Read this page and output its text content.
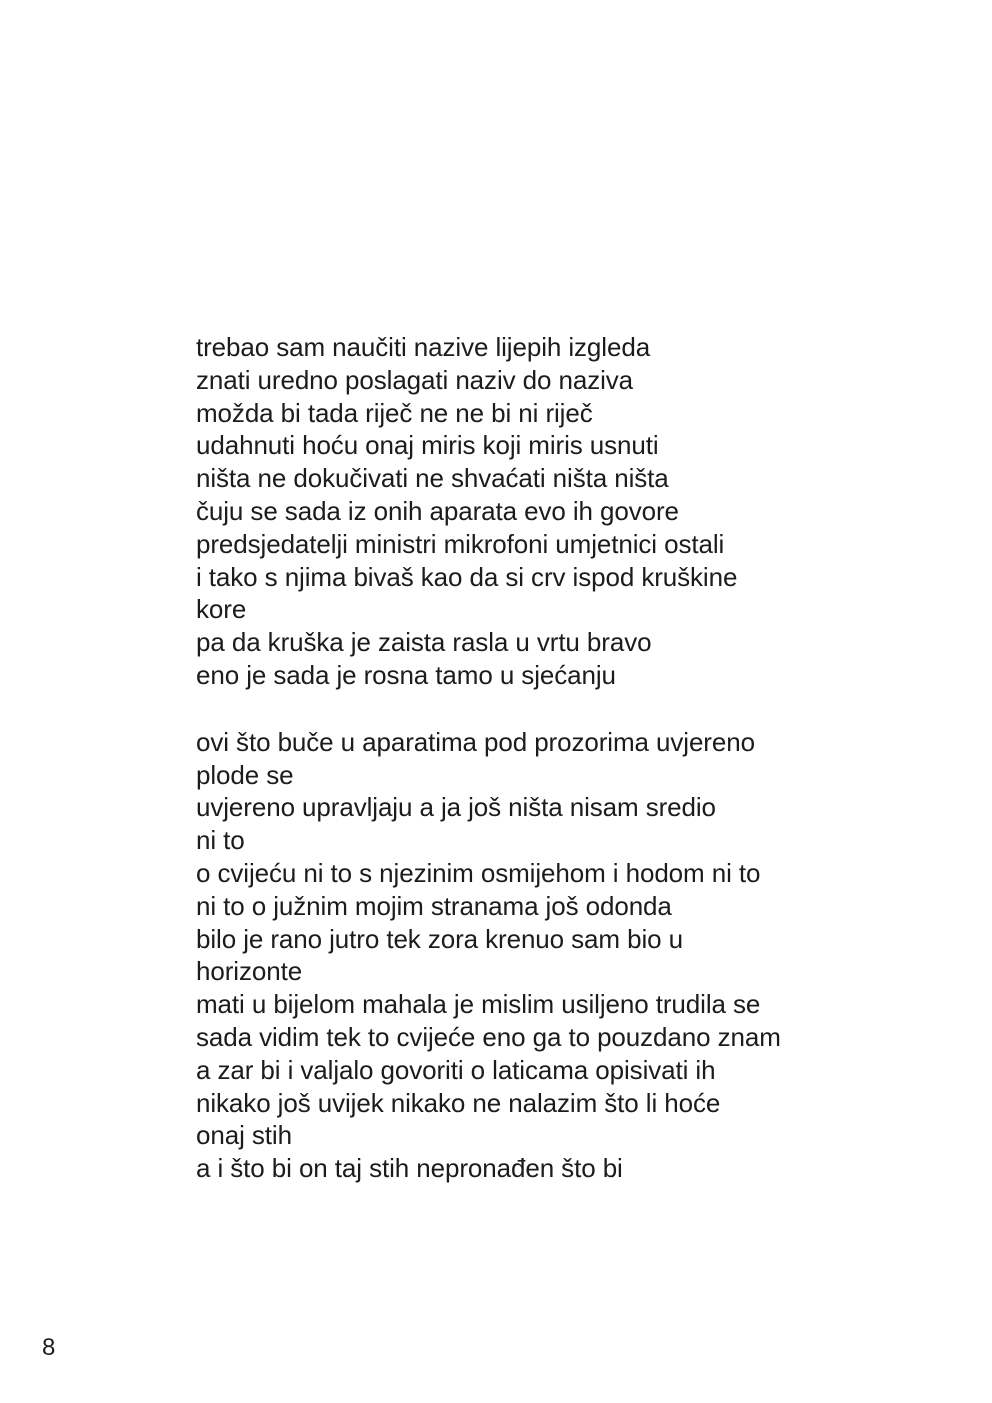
trebao sam naučiti nazive lijepih izgleda
znati uredno poslagati naziv do naziva
možda bi tada riječ ne ne bi ni riječ
udahnuti hoću onaj miris koji miris usnuti
ništa ne dokučivati ne shvaćati ništa ništa
čuju se sada iz onih aparata evo ih govore
predsjedatelji ministri mikrofoni umjetnici ostali
i tako s njima bivaš kao da si crv ispod kruškine
kore
pa da kruška je zaista rasla u vrtu bravo
eno je sada je rosna tamo u sjećanju
ovi što buče u aparatima pod prozorima uvjereno
plode se
uvjereno upravljaju a ja još ništa nisam sredio
ni to
o cvijeću ni to s njezinim osmijehom i hodom ni to
ni to o južnim mojim stranama još odonda
bilo je rano jutro tek zora krenuo sam bio u
horizonte
mati u bijelom mahala je mislim usiljeno trudila se
sada vidim tek to cvijeće eno ga to pouzdano znam
a zar bi i valjalo govoriti o laticama opisivati ih
nikako još uvijek nikako ne nalazim što li hoće
onaj stih
a i što bi on taj stih nepronađen što bi
8
